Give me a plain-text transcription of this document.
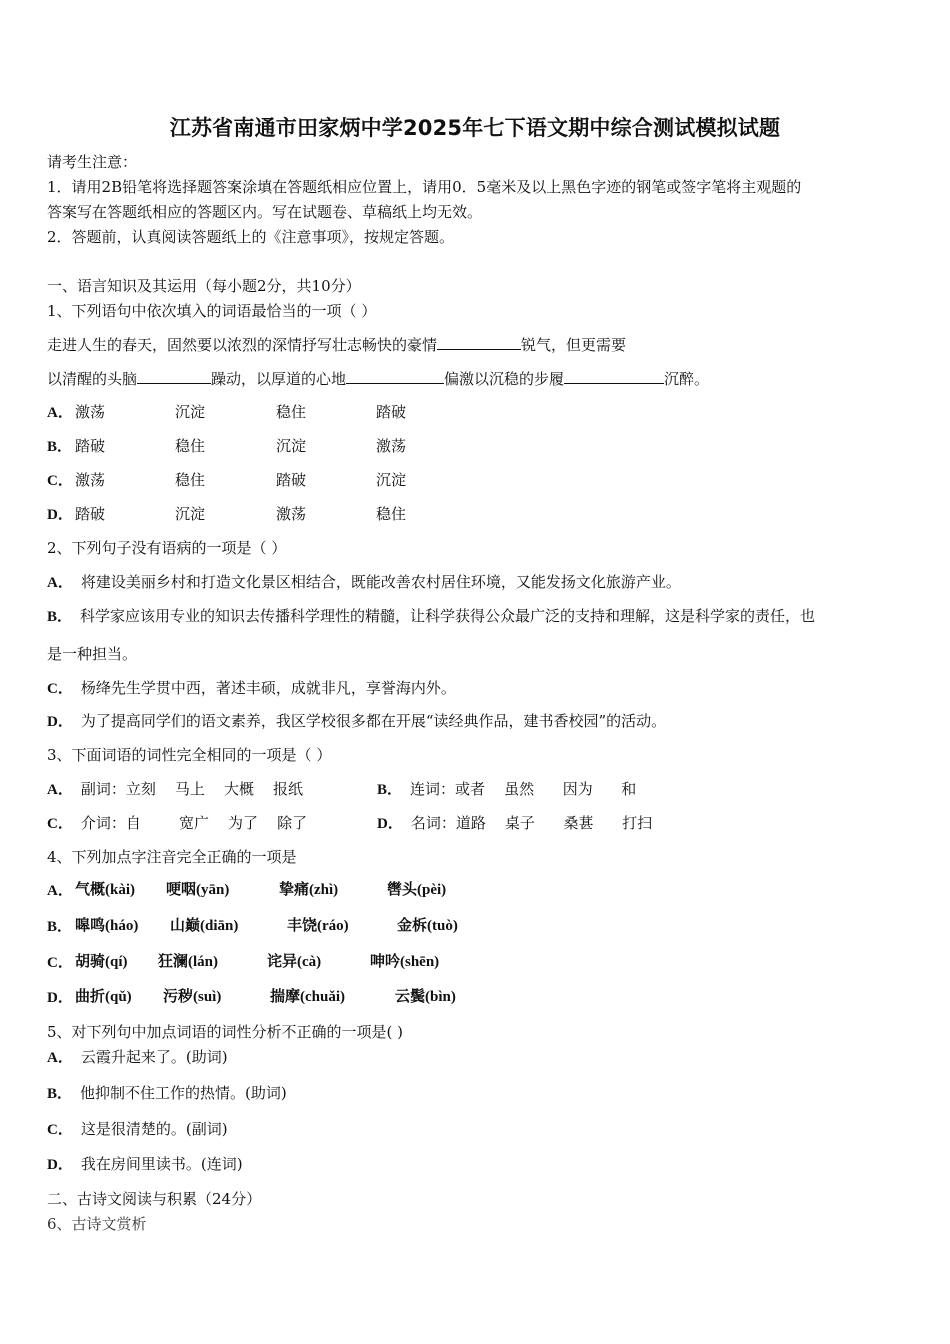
江苏省南通市田家炳中学2025年七下语文期中综合测试模拟试题
请考生注意：
1．请用2B铅笔将选择题答案涂填在答题纸相应位置上，请用0．5毫米及以上黑色字迹的钢笔或签字笔将主观题的
答案写在答题纸相应的答题区内。写在试题卷、草稿纸上均无效。
2．答题前，认真阅读答题纸上的《注意事项》，按规定答题。
一、语言知识及其运用（每小题2分，共10分）
1、下列语句中依次填入的词语最恰当的一项（ ）
走进人生的春天，固然要以浓烈的深情抒写壮志畅快的豪情	锐气，但更需要
以清醒的头脑	躁动，以厚道的心地	偏激以沉稳的步履	沉醉。
A． 激荡	沉淀	稳住	踏破
B． 踏破	稳住	沉淀	激荡
C． 激荡	稳住	踏破	沉淀
D． 踏破	沉淀	激荡	稳住
2、下列句子没有语病的一项是（ ）
A． 将建设美丽乡村和打造文化景区相结合，既能改善农村居住环境，又能发扬文化旅游产业。
B． 科学家应该用专业的知识去传播科学理性的精髓，让科学获得公众最广泛的支持和理解，这是科学家的责任，也
是一种担当。
C． 杨绛先生学贯中西，著述丰硕，成就非凡，享誉海内外。
D． 为了提高同学们的语文素养，我区学校很多都在开展“读经典作品，建书香校园”的活动。
3、下面词语的词性完全相同的一项是（ ）
A． 副词：立刻    马上    大概    报纸	B． 连词：或者    虽然      因为      和
C． 介词：自        宽广    为了    除了	D． 名词：道路    桌子      桑葚      打扫
4、下列加点字注音完全正确的一项是
A． 气概(kài) 哽咽(yān)	挚痛(zhì)	辔头(pèi)
B． 嗥鸣(háo) 山巅(diān)	丰饶(ráo)	金柝(tuò)
C． 胡骑(qí) 狂澜(lán)	诧异(cà)	呻吟(shēn)
D． 曲折(qǔ) 污秽(suì)	揣摩(chuǎi)	云鬓(bìn)
5、对下列句中加点词语的词性分析不正确的一项是( )
A． 云霞升起来了。(助词)
B． 他抑制不住工作的热情。(助词)
C． 这是很清楚的。(副词)
D． 我在房间里读书。(连词)
二、古诗文阅读与积累（24分）
6、古诗文赏析
